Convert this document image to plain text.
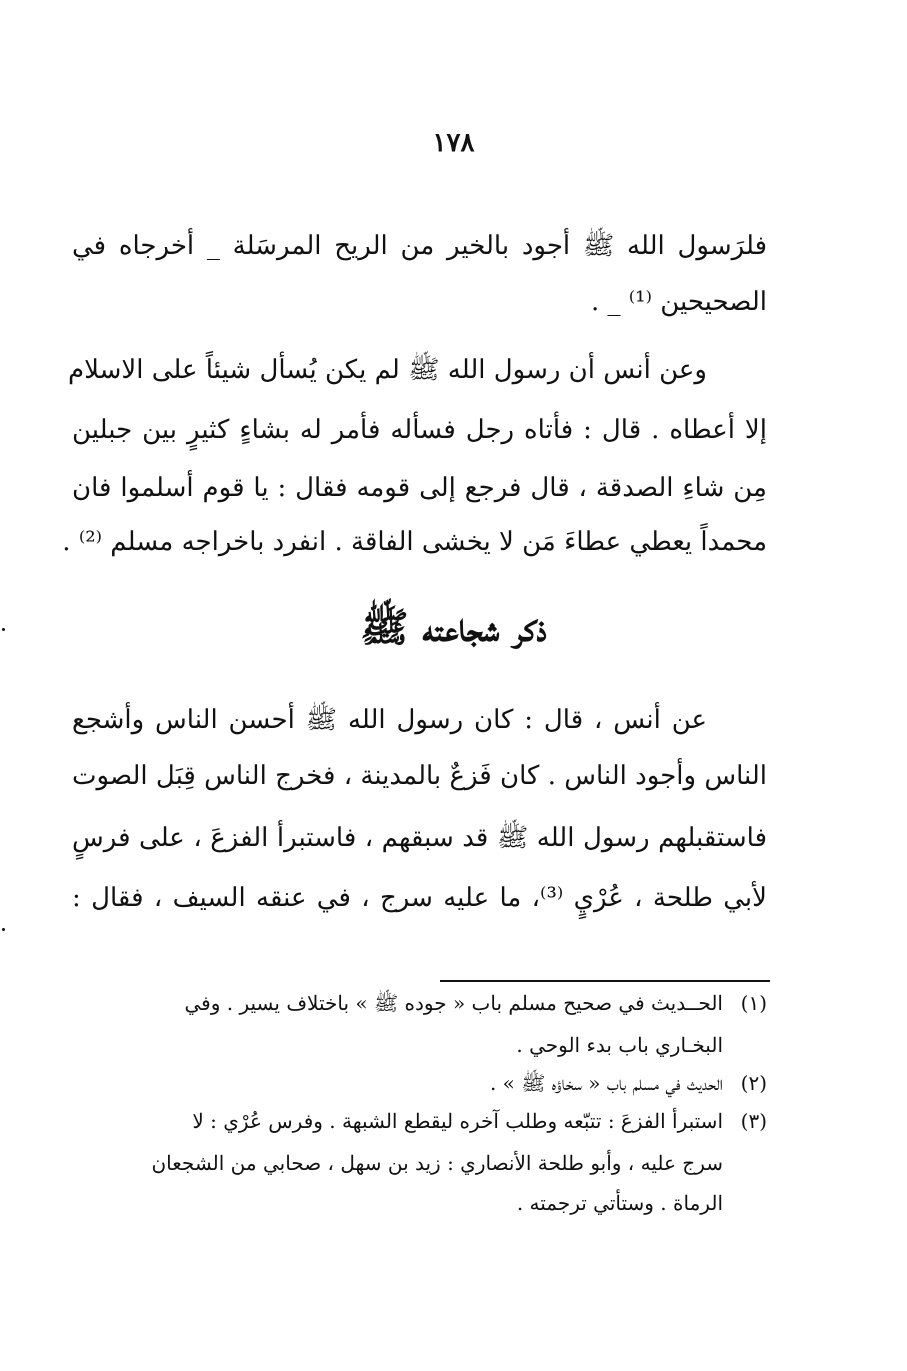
١٧٨
فلرَسول الله ﷺ أجود بالخير من الريح المرسَلة _ أخرجاه في
الصحيحين ⁽¹⁾ _ .
وعن أنس أن رسول الله ﷺ لم يكن يُسأل شيئاً على الاسلام
إلا أعطاه . قال : فأتاه رجل فسأله فأمر له بشاءٍ كثيرٍ بين جبلين
مِن شاءِ الصدقة ، قال فرجع إلى قومه فقال : يا قوم أسلموا فان
محمداً يعطي عطاءَ مَن لا يخشى الفاقة . انفرد باخراجه مسلم ⁽²⁾ .
ذكر شجاعته ﷺ
عن أنس ، قال : كان رسول الله ﷺ أحسن الناس وأشجع
الناس وأجود الناس . كان فَزعٌ بالمدينة ، فخرج الناس قِبَل الصوت
فاستقبلهم رسول الله ﷺ قد سبقهم ، فاستبرأ الفزعَ ، على فرسٍ
لأبي طلحة ، عُرْيٍ ⁽³⁾، ما عليه سرج ، في عنقه السيف ، فقال :
(١)الحــديث في صحيح مسلم باب « جوده ﷺ » باختلاف يسير . وفي
البخـاري باب بدء الوحي .
(٢)الحديث في مسلم باب « سخاؤه ﷺ » .
(٣)استبرأ الفزعَ : تتبّعه وطلب آخره ليقطع الشبهة . وفرس عُرْي : لا
سرج عليه ، وأبو طلحة الأنصاري : زيد بن سهل ، صحابي من الشجعان
الرماة . وستأتي ترجمته .
